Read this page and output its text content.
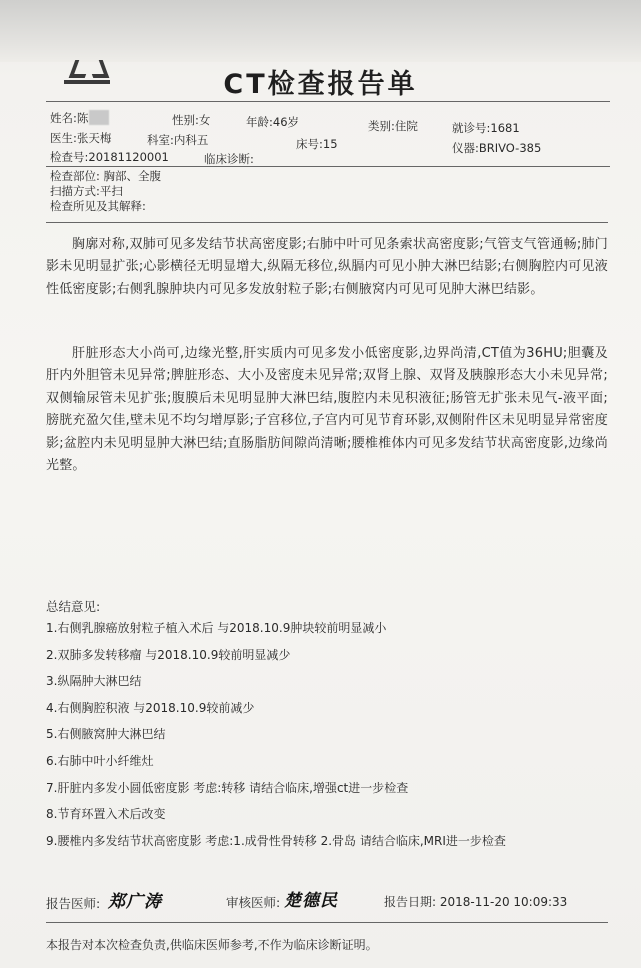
CT检查报告单
姓名:陈	性别:女	年龄:46岁	类别:住院	就诊号:1681
医生:张天梅	科室:内科五	床号:15	仪器:BRIVO-385
检查号:20181120001	临床诊断:
检查部位: 胸部、全腹
扫描方式:平扫
检查所见及其解释:
胸廓对称,双肺可见多发结节状高密度影;右肺中叶可见条索状高密度影;气管支气管通畅;肺门影未见明显扩张;心影横径无明显增大,纵隔无移位,纵膈内可见小肿大淋巴结影;右侧胸腔内可见液性低密度影;右侧乳腺肿块内可见多发放射粒子影;右侧腋窝内可见可见肿大淋巴结影。
肝脏形态大小尚可,边缘光整,肝实质内可见多发小低密度影,边界尚清,CT值为36HU;胆囊及肝内外胆管未见异常;脾脏形态、大小及密度未见异常;双肾上腺、双肾及胰腺形态大小未见异常;双侧输尿管未见扩张;腹膜后未见明显肿大淋巴结,腹腔内未见积液征;肠管无扩张未见气-液平面;膀胱充盈欠佳,壁未见不均匀增厚影;子宫移位,子宫内可见节育环影,双侧附件区未见明显异常密度影;盆腔内未见明显肿大淋巴结;直肠脂肪间隙尚清晰;腰椎椎体内可见多发结节状高密度影,边缘尚光整。
总结意见:
1.右侧乳腺癌放射粒子植入术后 与2018.10.9肿块较前明显减小
2.双肺多发转移瘤 与2018.10.9较前明显减少
3.纵隔肿大淋巴结
4.右侧胸腔积液 与2018.10.9较前减少
5.右侧腋窝肿大淋巴结
6.右肺中叶小纤维灶
7.肝脏内多发小圆低密度影 考虑:转移 请结合临床,增强ct进一步检查
8.节育环置入术后改变
9.腰椎内多发结节状高密度影 考虑:1.成骨性骨转移 2.骨岛 请结合临床,MRI进一步检查
报告医师: 郑广涛	审核医师: 楚德民	报告日期: 2018-11-20 10:09:33
本报告对本次检查负责,供临床医师参考,不作为临床诊断证明。
